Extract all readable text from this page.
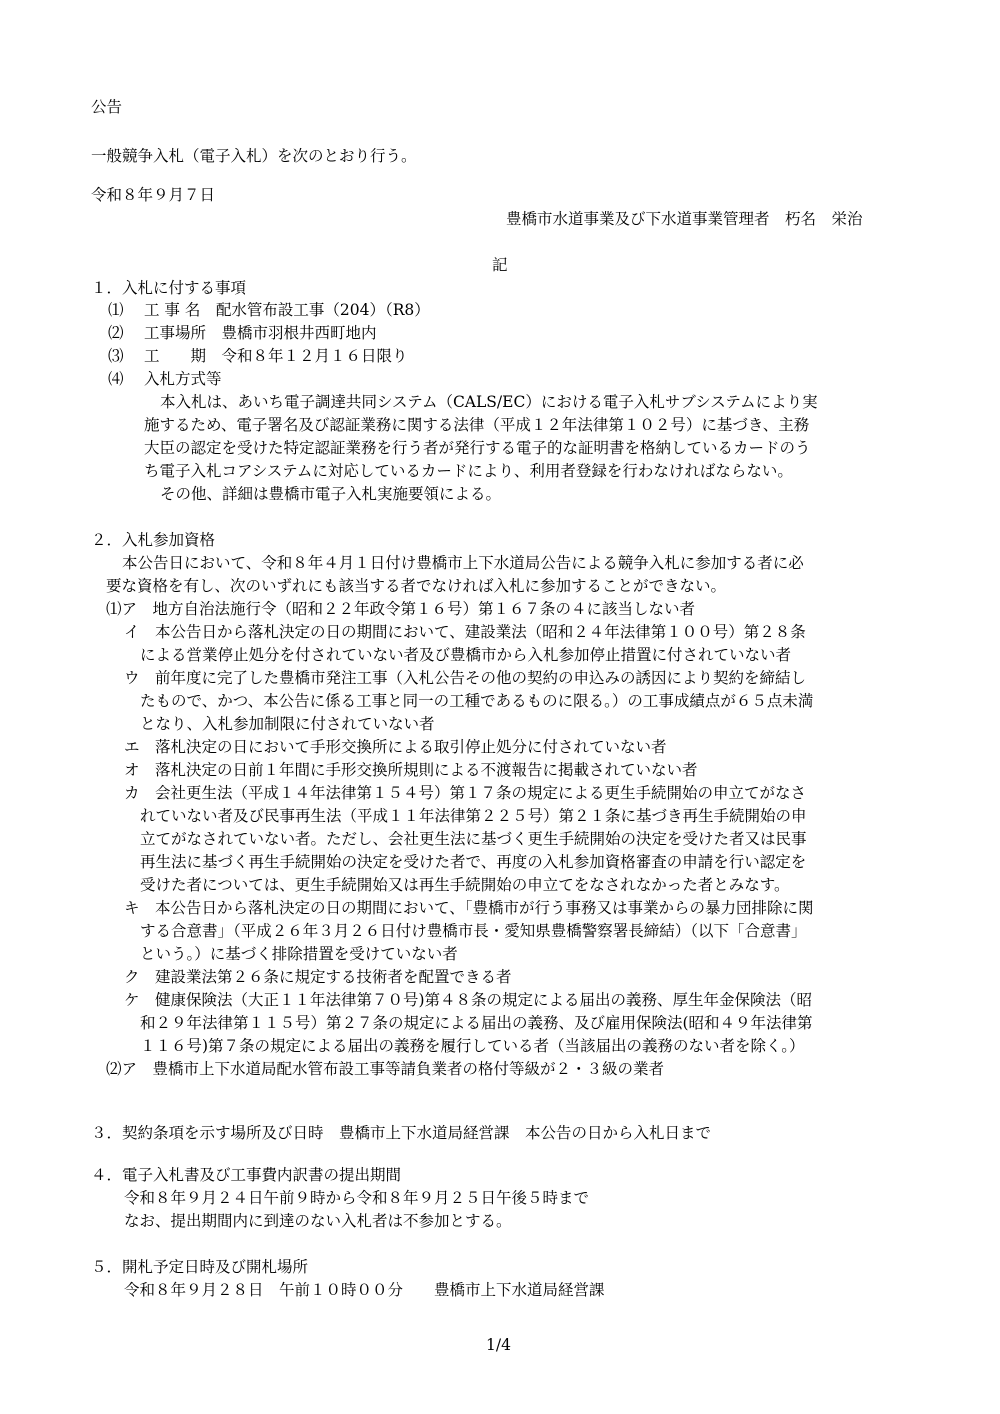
公告
一般競争入札（電子入札）を次のとおり行う。
令和８年９月７日
豊橋市水道事業及び下水道事業管理者　朽名　栄治
記
１．入札に付する事項
⑴ 工 事 名　配水管布設工事（204）（R8）
⑵ 工事場所　豊橋市羽根井西町地内
⑶ 工　　期　令和８年１２月１６日限り
⑷ 入札方式等
本入札は、あいち電子調達共同システム（CALS/EC）における電子入札サブシステムにより実
施するため、電子署名及び認証業務に関する法律（平成１２年法律第１０２号）に基づき、主務
大臣の認定を受けた特定認証業務を行う者が発行する電子的な証明書を格納しているカードのう
ち電子入札コアシステムに対応しているカードにより、利用者登録を行わなければならない。
その他、詳細は豊橋市電子入札実施要領による。
２．入札参加資格
本公告日において、令和８年４月１日付け豊橋市上下水道局公告による競争入札に参加する者に必
要な資格を有し、次のいずれにも該当する者でなければ入札に参加することができない。
⑴ア　地方自治法施行令（昭和２２年政令第１６号）第１６７条の４に該当しない者
イ　本公告日から落札決定の日の期間において、建設業法（昭和２４年法律第１００号）第２８条
による営業停止処分を付されていない者及び豊橋市から入札参加停止措置に付されていない者
ウ　前年度に完了した豊橋市発注工事（入札公告その他の契約の申込みの誘因により契約を締結し
たもので、かつ、本公告に係る工事と同一の工種であるものに限る。）の工事成績点が６５点未満
となり、入札参加制限に付されていない者
エ　落札決定の日において手形交換所による取引停止処分に付されていない者
オ　落札決定の日前１年間に手形交換所規則による不渡報告に掲載されていない者
カ　会社更生法（平成１４年法律第１５４号）第１７条の規定による更生手続開始の申立てがなさ
れていない者及び民事再生法（平成１１年法律第２２５号）第２１条に基づき再生手続開始の申
立てがなされていない者。ただし、会社更生法に基づく更生手続開始の決定を受けた者又は民事
再生法に基づく再生手続開始の決定を受けた者で、再度の入札参加資格審査の申請を行い認定を
受けた者については、更生手続開始又は再生手続開始の申立てをなされなかった者とみなす。
キ　本公告日から落札決定の日の期間において、「豊橋市が行う事務又は事業からの暴力団排除に関
する合意書」（平成２６年３月２６日付け豊橋市長・愛知県豊橋警察署長締結）（以下「合意書」
という。）に基づく排除措置を受けていない者
ク　建設業法第２６条に規定する技術者を配置できる者
ケ　健康保険法（大正１１年法律第７０号)第４８条の規定による届出の義務、厚生年金保険法（昭
和２９年法律第１１５号）第２７条の規定による届出の義務、及び雇用保険法(昭和４９年法律第
１１６号)第７条の規定による届出の義務を履行している者（当該届出の義務のない者を除く。）
⑵ア　豊橋市上下水道局配水管布設工事等請負業者の格付等級が２・３級の業者
３．契約条項を示す場所及び日時　豊橋市上下水道局経営課　本公告の日から入札日まで
４．電子入札書及び工事費内訳書の提出期間
令和８年９月２４日午前９時から令和８年９月２５日午後５時まで
なお、提出期間内に到達のない入札者は不参加とする。
５．開札予定日時及び開札場所
令和８年９月２８日　午前１０時００分　　豊橋市上下水道局経営課
1/4
